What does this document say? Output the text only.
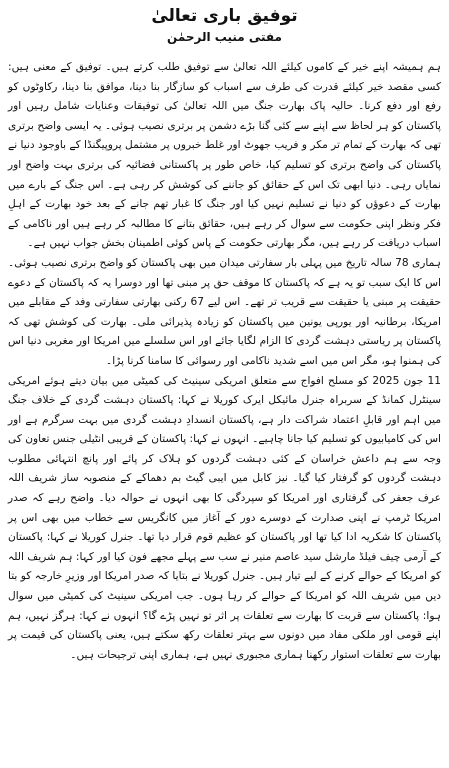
توفیق باری تعالیٰ
مفتی منیب الرحمٰن

ہم ہمیشہ اپنے خیر کے کاموں کیلئے اللہ تعالیٰ سے توفیق طلب کرتے ہیں۔ توفیق کے معنی ہیں: کسی مقصد خیر کیلئے قدرت کی طرف سے اسباب کو سازگار بنا دینا، موافق بنا دینا، رکاوٹوں کو رفع اور دفع کرنا۔ حالیہ پاک بھارت جنگ میں اللہ تعالیٰ کی توفیقات وعنایات شامل رہیں اور پاکستان کو ہر لحاظ سے اپنے سے کئی گنا بڑے دشمن پر برتری نصیب ہوئی۔ یہ ایسی واضح برتری تھی کہ بھارت کے تمام تر مکر و فریب جھوٹ اور غلط خبروں پر مشتمل پروپیگنڈا کے باوجود دنیا نے پاکستان کی واضح برتری کو تسلیم کیا، خاص طور پر پاکستانی فضائیہ کی برتری بہت واضح اور نمایاں رہی۔ دنیا ابھی تک اس کے حقائق کو جاننے کی کوشش کر رہی ہے۔ اس جنگ کے بارے میں بھارت کے دعوؤں کو دنیا نے تسلیم نہیں کیا اور جنگ کا غبار تھم جانے کے بعد خود بھارت کے اہلِ فکر ونظر اپنی حکومت سے سوال کر رہے ہیں، حقائق بتانے کا مطالبہ کر رہے ہیں اور ناکامی کے اسباب دریافت کر رہے ہیں، مگر بھارتی حکومت کے پاس کوئی اطمینان بخش جواب نہیں ہے۔

ہماری 78 سالہ تاریخ میں پہلی بار سفارتی میدان میں بھی پاکستان کو واضح برتری نصیب ہوئی۔ اس کا ایک سبب تو یہ ہے کہ پاکستان کا موقف حق پر مبنی تھا اور دوسرا یہ کہ پاکستان کے دعوے حقیقت پر مبنی یا حقیقت سے قریب تر تھے۔ اس لیے 67 رکنی بھارتی سفارتی وفد کے مقابلے میں امریکا، برطانیہ اور یورپی یونین میں پاکستان کو زیادہ پذیرائی ملی۔ بھارت کی کوشش تھی کہ پاکستان پر ریاستی دہشت گردی کا الزام لگایا جائے اور اس سلسلے میں امریکا اور مغربی دنیا اس کی ہمنوا ہو، مگر اس میں اسے شدید ناکامی اور رسوائی کا سامنا کرنا پڑا۔

11 جون 2025 کو مسلح افواج سے متعلق امریکی سینیٹ کی کمیٹی میں بیان دیتے ہوئے امریکی سینٹرل کمانڈ کے سربراہ جنرل مائیکل ایرک کوریلا نے کہا: پاکستان دہشت گردی کے خلاف جنگ میں اہم اور قابلِ اعتماد شراکت دار ہے، پاکستان انسدادِ دہشت گردی میں بہت سرگرم ہے اور اس کی کامیابیوں کو تسلیم کیا جانا چاہیے۔ انہوں نے کہا: پاکستان کے قریبی انٹیلی جنس تعاون کی وجہ سے ہم داعش خراسان کے کئی دہشت گردوں کو ہلاک کر پائے اور پانچ انتہائی مطلوب دہشت گردوں کو گرفتار کیا گیا۔ نیز کابل میں ایبی گیٹ بم دھماکے کے منصوبہ ساز شریف اللہ عرف جعفر کی گرفتاری اور امریکا کو سپردگی کا بھی انہوں نے حوالہ دیا۔ واضح رہے کہ صدر امریکا ٹرمپ نے اپنی صدارت کے دوسرے دور کے آغاز میں کانگریس سے خطاب میں بھی اس پر پاکستان کا شکریہ ادا کیا تھا اور پاکستان کو عظیم قوم قرار دیا تھا۔ جنرل کوریلا نے کہا: پاکستان کے آرمی چیف فیلڈ مارشل سید عاصم منیر نے سب سے پہلے مجھے فون کیا اور کہا: ہم شریف اللہ کو امریکا کے حوالے کرنے کے لیے تیار ہیں۔ جنرل کوریلا نے بتایا کہ صدر امریکا اور وزیرِ خارجہ کو بتا دیں میں شریف اللہ کو امریکا کے حوالے کر رہا ہوں۔ جب امریکی سینیٹ کی کمیٹی میں سوال ہوا: پاکستان سے قربت کا بھارت سے تعلقات پر اثر تو نہیں پڑے گا؟ انہوں نے کہا: ہرگز نہیں، ہم اپنے قومی اور ملکی مفاد میں دونوں سے بہتر تعلقات رکھ سکتے ہیں، یعنی پاکستان کی قیمت پر بھارت سے تعلقات استوار رکھنا ہماری مجبوری نہیں ہے، ہماری اپنی ترجیحات ہیں۔
